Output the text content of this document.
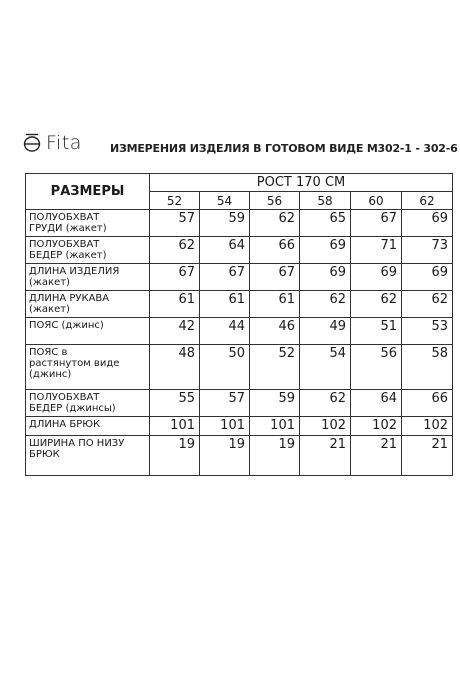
Fita	ИЗМЕРЕНИЯ ИЗДЕЛИЯ В ГОТОВОМ ВИДЕ М302-1 - 302-6
РАЗМЕРЫ	РОСТ 170 СМ					
	52	54	56	58	60	62
ПОЛУОБХВАТ
ГРУДИ (жакет)	57	59	62	65	67	69
ПОЛУОБХВАТ
БЕДЕР (жакет)	62	64	66	69	71	73
ДЛИНА ИЗДЕЛИЯ
(жакет)	67	67	67	69	69	69
ДЛИНА РУКАВА
(жакет)	61	61	61	62	62	62
ПОЯС (джинс)	42	44	46	49	51	53
ПОЯС в
растянутом виде
(джинс)	48	50	52	54	56	58
ПОЛУОБХВАТ
БЕДЕР (джинсы)	55	57	59	62	64	66
ДЛИНА БРЮК	101	101	101	102	102	102
ШИРИНА ПО НИЗУ
БРЮК	19	19	19	21	21	21
